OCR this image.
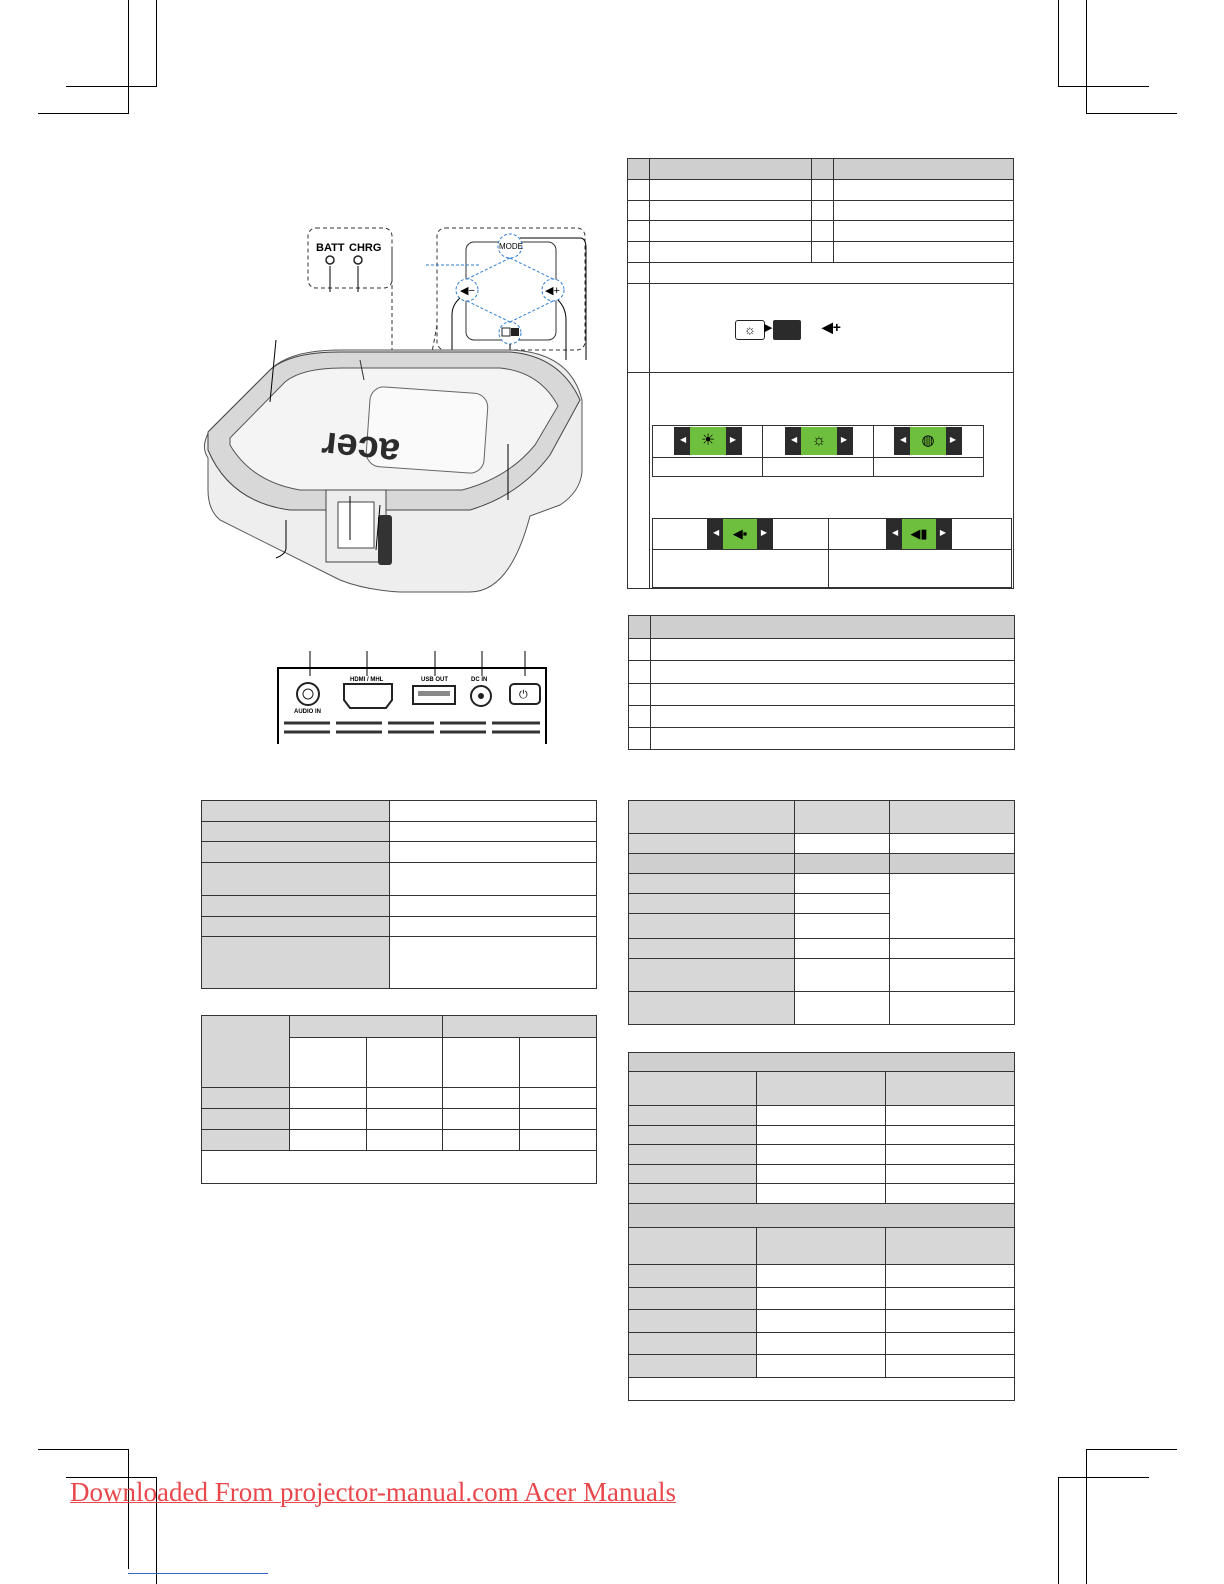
BATT CHRG	MODE
◀−	◀+
acer
AUDIO IN
HDMI / MHL	USB OUT	DC IN
⏻

☼ ▶	◀+

◀ ☀	▶	◀ ☼	▶	◀	◍	▶

◀	◀▪	▶	◀ ◀▮	▶

Downloaded From projector-manual.com Acer Manuals
